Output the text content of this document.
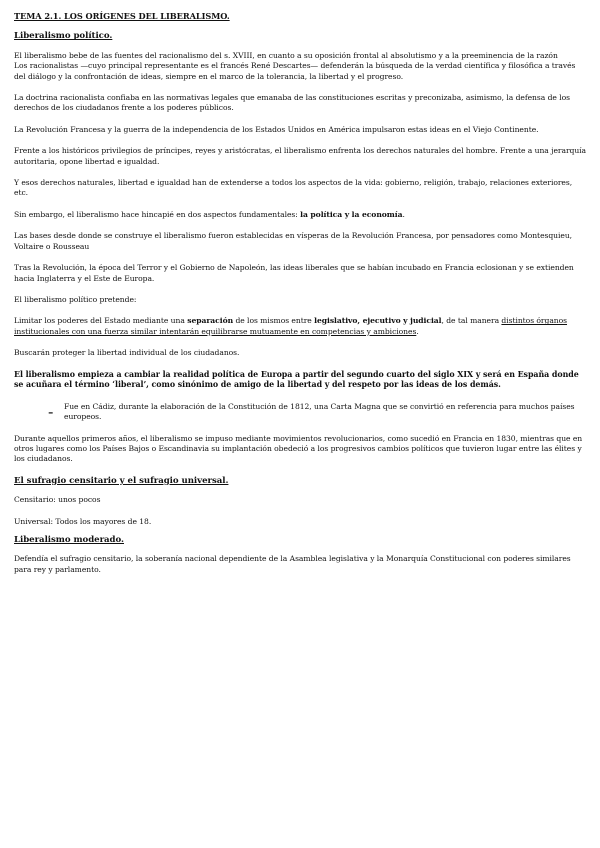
TEMA 2.1. LOS ORÍGENES DEL LIBERALISMO.

Liberalismo político.

El liberalismo bebe de las fuentes del racionalismo del s. XVIII, en cuanto a su oposición frontal al absolutismo y a la preeminencia de la razón

Los racionalistas —cuyo principal representante es el francés René Descartes— defenderán la búsqueda de la verdad científica y filosófica a través del diálogo y la confrontación de ideas, siempre en el marco de la tolerancia, la libertad y el progreso.

La doctrina racionalista confiaba en las normativas legales que emanaba de las constituciones escritas y preconizaba, asimismo, la defensa de los derechos de los ciudadanos frente a los poderes públicos.

La Revolución Francesa y la guerra de la independencia de los Estados Unidos en América impulsaron estas ideas en el Viejo Continente.

Frente a los históricos privilegios de príncipes, reyes y aristócratas, el liberalismo enfrenta los derechos naturales del hombre. Frente a una jerarquía autoritaria, opone libertad e igualdad.

Y esos derechos naturales, libertad e igualdad han de extenderse a todos los aspectos de la vida: gobierno, religión, trabajo, relaciones exteriores, etc.

Sin embargo, el liberalismo hace hincapié en dos aspectos fundamentales: la política y la economía.

Las bases desde donde se construye el liberalismo fueron establecidas en vísperas de la Revolución Francesa, por pensadores como Montesquieu, Voltaire o Rousseau

Tras la Revolución, la época del Terror y el Gobierno de Napoleón, las ideas liberales que se habían incubado en Francia eclosionan y se extienden hacia Inglaterra y el Este de Europa.

El liberalismo político pretende:

Limitar los poderes del Estado mediante una separación de los mismos entre legislativo, ejecutivo y judicial, de tal manera distintos órganos institucionales con una fuerza similar intentarán equilibrarse mutuamente en competencias y ambiciones.

Buscarán proteger la libertad individual de los ciudadanos.

El liberalismo empieza a cambiar la realidad política de Europa a partir del segundo cuarto del siglo XIX y será en España donde se acuñara el término ‘liberal’, como sinónimo de amigo de la libertad y del respeto por las ideas de los demás.

-	Fue en Cádiz, durante la elaboración de la Constitución de 1812, una Carta Magna que se convirtió en referencia para muchos países europeos.

Durante aquellos primeros años, el liberalismo se impuso mediante movimientos revolucionarios, como sucedió en Francia en 1830, mientras que en otros lugares como los Países Bajos o Escandinavia su implantación obedeció a los progresivos cambios políticos que tuvieron lugar entre las élites y los ciudadanos.

El sufragio censitario y el sufragio universal.

Censitario: unos pocos

Universal: Todos los mayores de 18.

Liberalismo moderado.

Defendía el sufragio censitario, la soberanía nacional dependiente de la Asamblea legislativa y la Monarquía Constitucional con poderes similares para rey y parlamento.
